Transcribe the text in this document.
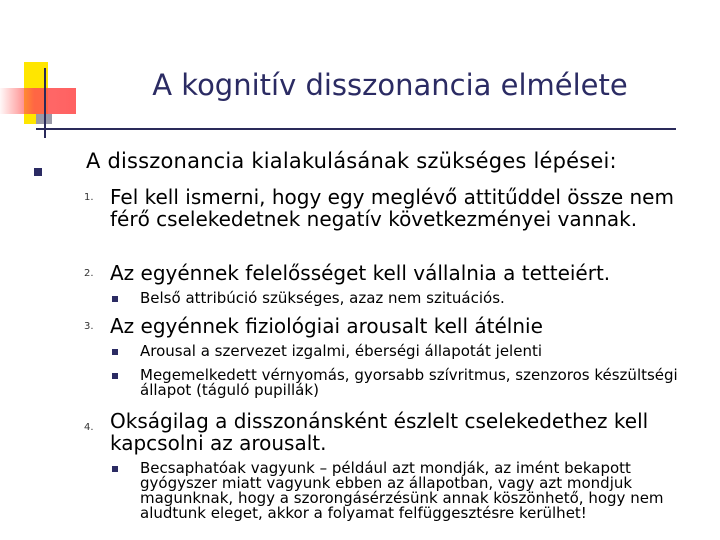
A kognitív disszonancia elmélete
A disszonancia kialakulásának szükséges lépései:
1. Fel kell ismerni, hogy egy meglévő attitűddel össze nem férő cselekedetnek negatív következményei vannak.
2. Az egyénnek felelősséget kell vállalnia a tetteiért.
Belső attribúció szükséges, azaz nem szituációs.
3. Az egyénnek fiziológiai arousalt kell átélnie
Arousal a szervezet izgalmi, éberségi állapotát jelenti
Megemelkedett vérnyomás, gyorsabb szívritmus, szenzoros készültségi állapot (táguló pupillák)
4. Okságilag a disszonánsként észlelt cselekedethez kell kapcsolni az arousalt.
Becsaphatóak vagyunk – például azt mondják, az imént bekapott gyógyszer miatt vagyunk ebben az állapotban, vagy azt mondjuk magunknak, hogy a szorongásérzésünk annak köszönhető, hogy nem aludtunk eleget, akkor a folyamat felfüggesztésre kerülhet!
